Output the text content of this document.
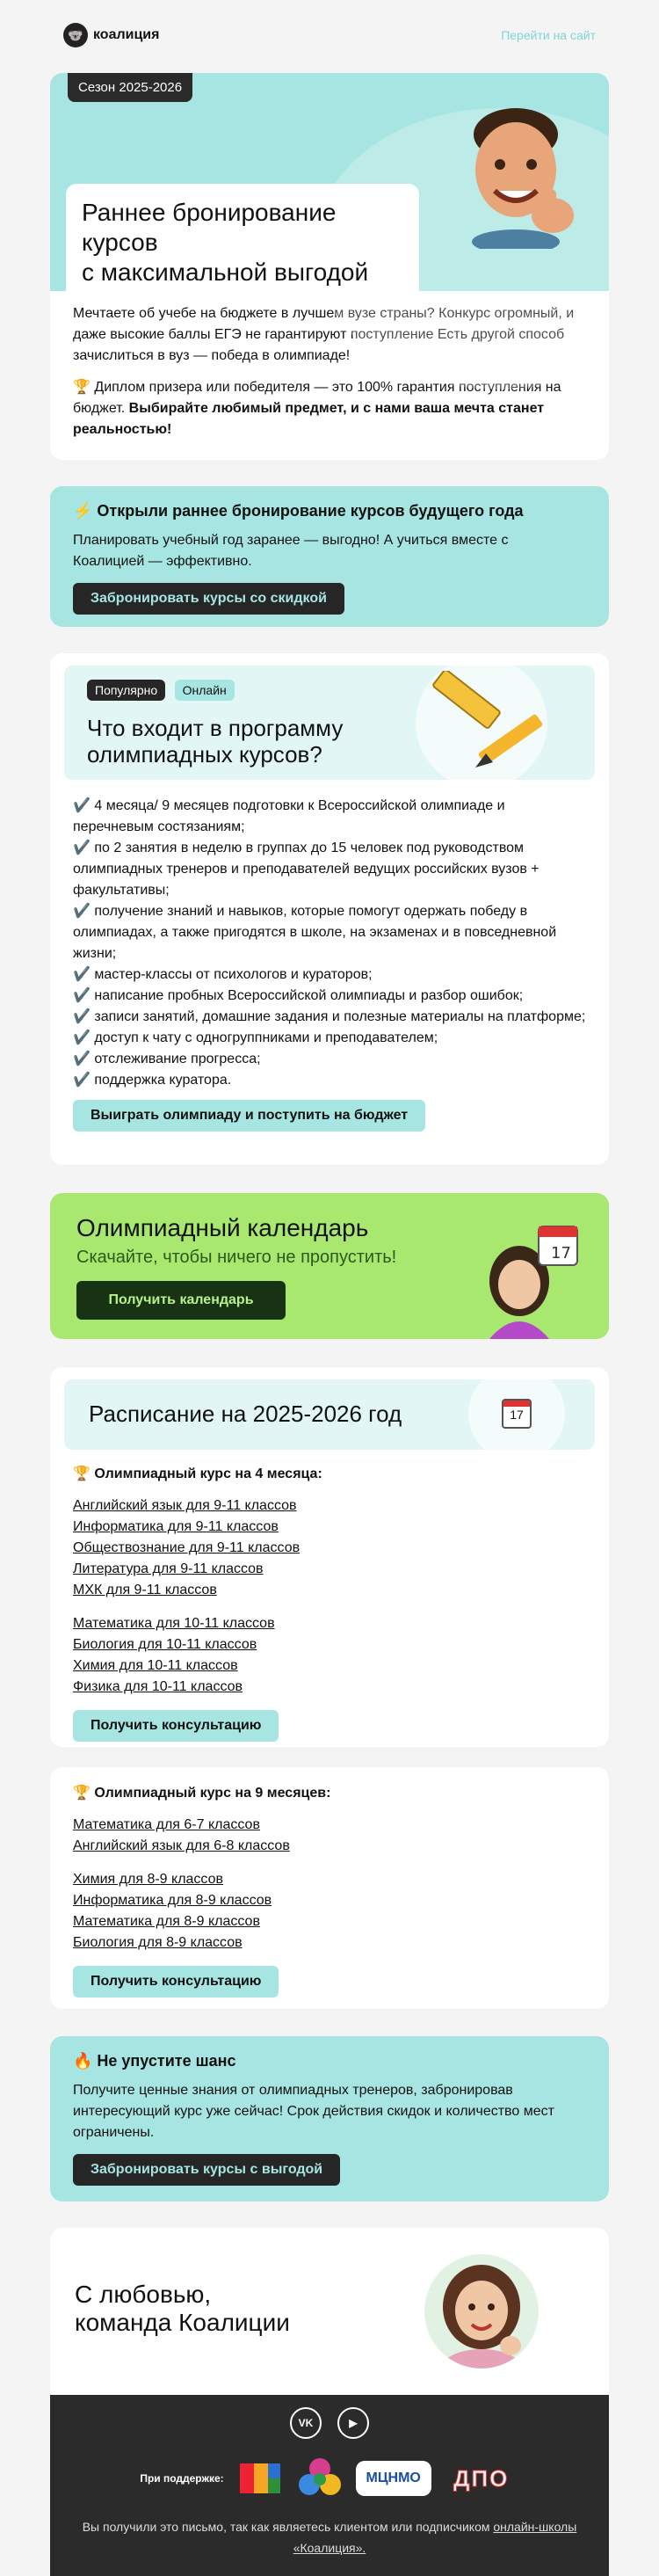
🐨 коалиция	Перейти на сайт
Сезон 2025-2026
Раннее бронирование курсов
с максимальной выгодой

Мечтаете об учебе на бюджете в лучшем вузе страны? Конкурс огромный, и даже высокие баллы ЕГЭ не гарантируют поступление Есть другой способ зачислиться в вуз — победа в олимпиаде!

🏆 Диплом призера или победителя — это 100% гарантия поступления на бюджет. Выбирайте любимый предмет, и с нами ваша мечта станет реальностью!

⚡ Открыли раннее бронирование курсов будущего года

Планировать учебный год заранее — выгодно! А учиться вместе с Коалицией — эффективно.

Забронировать курсы со скидкой
Популярно Онлайн
Что входит в программу
олимпиадных курсов?
✔️ 4 месяца/ 9 месяцев подготовки к Всероссийской олимпиаде и перечневым состязаниям;
✔️ по 2 занятия в неделю в группах до 15 человек под руководством олимпиадных тренеров и преподавателей ведущих российских вузов + факультативы;
✔️ получение знаний и навыков, которые помогут одержать победу в олимпиадах, а также пригодятся в школе, на экзаменах и в повседневной жизни;
✔️ мастер-классы от психологов и кураторов;
✔️ написание пробных Всероссийской олимпиады и разбор ошибок;
✔️ записи занятий, домашние задания и полезные материалы на платформе;
✔️ доступ к чату с одногруппниками и преподавателем;
✔️ отслеживание прогресса;
✔️ поддержка куратора.
Выиграть олимпиаду и поступить на бюджет
Олимпиадный календарь
Скачайте, чтобы ничего не пропустить!
Получить календарь
17
Расписание на 2025-2026 год	17
🏆 Олимпиадный курс на 4 месяца:
Английский язык для 9-11 классов
Информатика для 9-11 классов
Обществознание для 9-11 классов
Литература для 9-11 классов
МХК для 9-11 классов
Математика для 10-11 классов
Биология для 10-11 классов
Химия для 10-11 классов
Физика для 10-11 классов
Получить консультацию
🏆 Олимпиадный курс на 9 месяцев:
Математика для 6-7 классов
Английский язык для 6-8 классов
Химия для 8-9 классов
Информатика для 8-9 классов
Математика для 8-9 классов
Биология для 8-9 классов
Получить консультацию
🔥 Не упустите шанс

Получите ценные знания от олимпиадных тренеров, забронировав интересующий курс уже сейчас! Срок действия скидок и количество мест ограничены.

Забронировать курсы с выгодой
С любовью,
команда Коалиции
VK	▶
При поддержке:	МЦНМО	ДПО
Вы получили это письмо, так как являетесь клиентом или подписчиком онлайн-школы «Коалиция».
